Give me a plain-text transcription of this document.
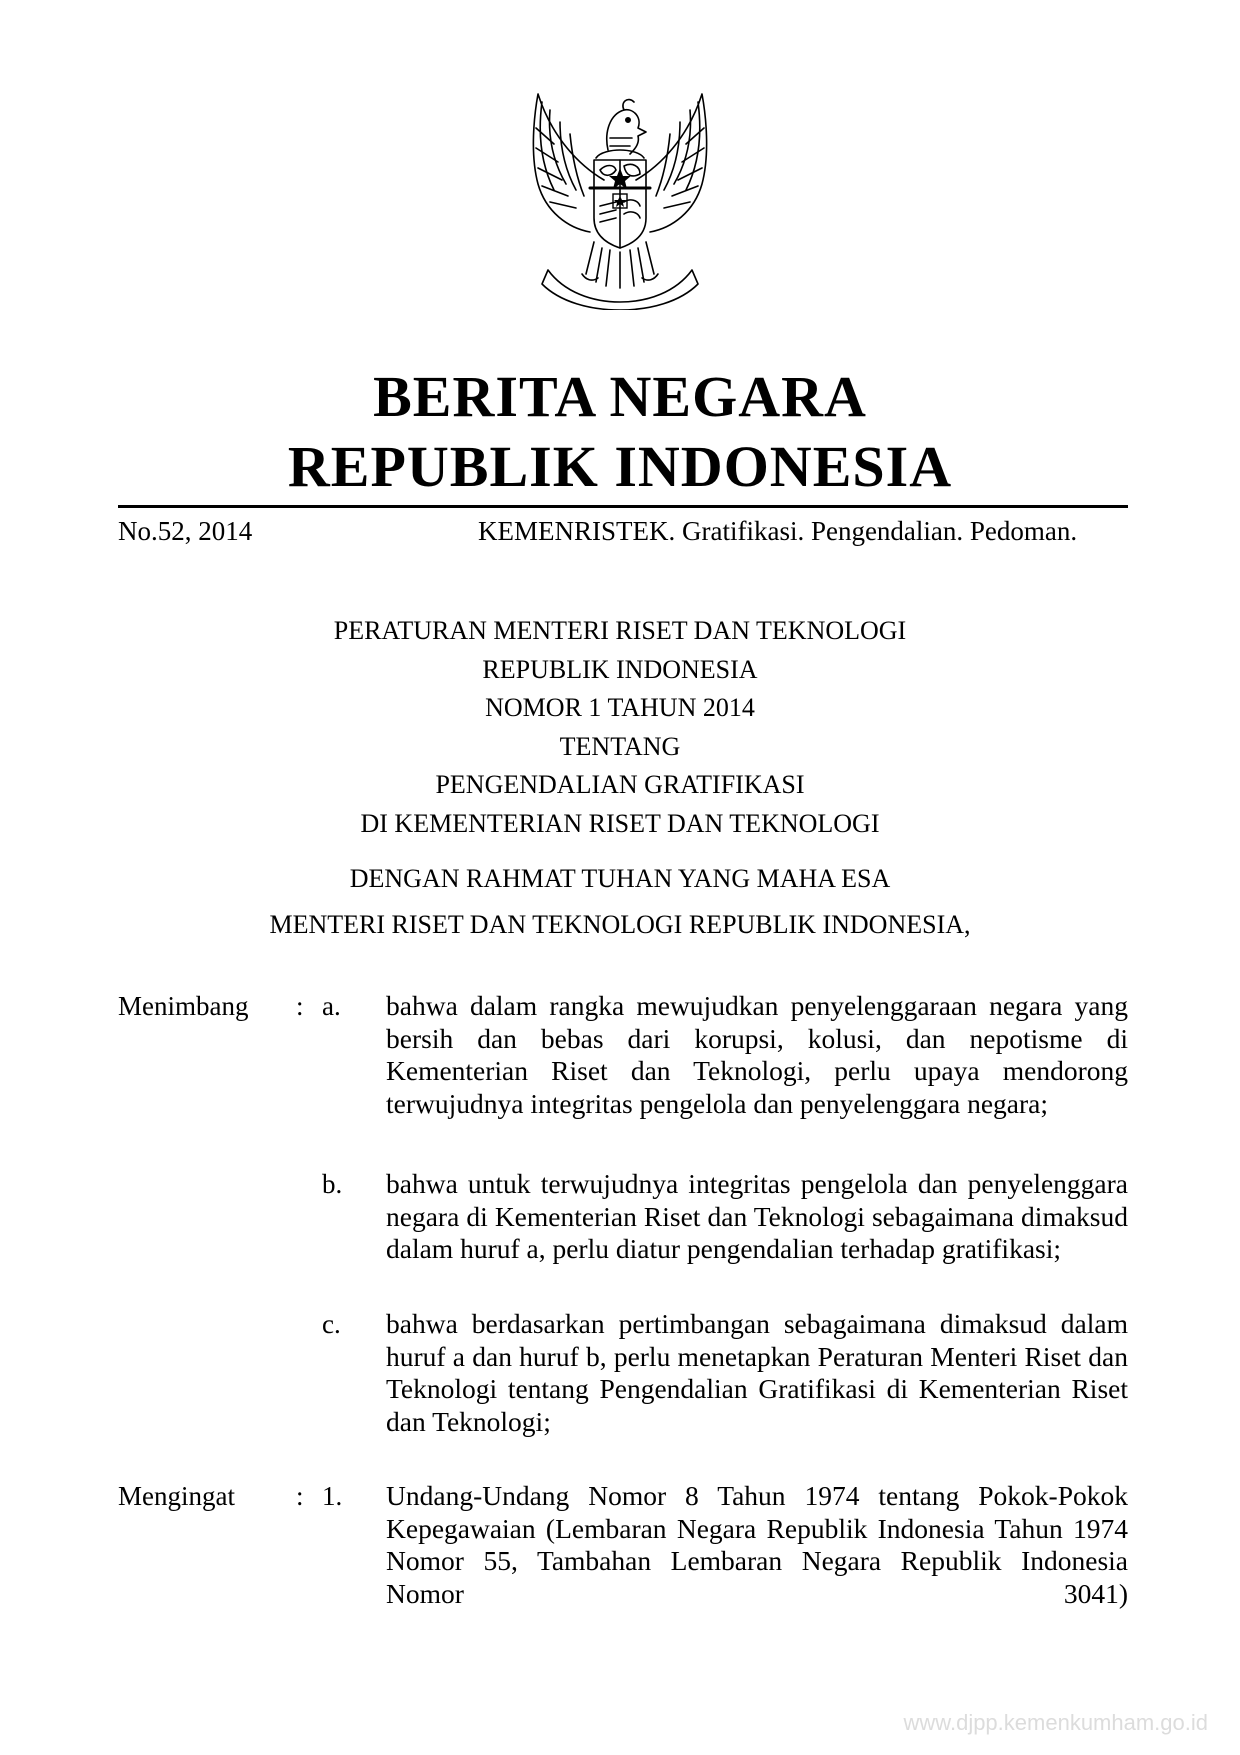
BERITA NEGARA
REPUBLIK INDONESIA
No.52, 2014	KEMENRISTEK. Gratifikasi. Pengendalian. Pedoman.
PERATURAN MENTERI RISET DAN TEKNOLOGI
REPUBLIK INDONESIA
NOMOR 1 TAHUN 2014
TENTANG
PENGENDALIAN GRATIFIKASI
DI KEMENTERIAN RISET DAN TEKNOLOGI
DENGAN RAHMAT TUHAN YANG MAHA ESA
MENTERI RISET DAN TEKNOLOGI REPUBLIK INDONESIA,
Menimbang : a. bahwa dalam rangka mewujudkan penyelenggaraan negara yang bersih dan bebas dari korupsi, kolusi, dan nepotisme di Kementerian Riset dan Teknologi, perlu upaya mendorong terwujudnya integritas pengelola dan penyelenggara negara;
b. bahwa untuk terwujudnya integritas pengelola dan penyelenggara negara di Kementerian Riset dan Teknologi sebagaimana dimaksud dalam huruf a, perlu diatur pengendalian terhadap gratifikasi;
c. bahwa berdasarkan pertimbangan sebagaimana dimaksud dalam huruf a dan huruf b, perlu menetapkan Peraturan Menteri Riset dan Teknologi tentang Pengendalian Gratifikasi di Kementerian Riset dan Teknologi;
Mengingat : 1. Undang-Undang Nomor 8 Tahun 1974 tentang Pokok-Pokok Kepegawaian (Lembaran Negara Republik Indonesia Tahun 1974 Nomor 55, Tambahan Lembaran Negara Republik Indonesia Nomor 3041)
www.djpp.kemenkumham.go.id
